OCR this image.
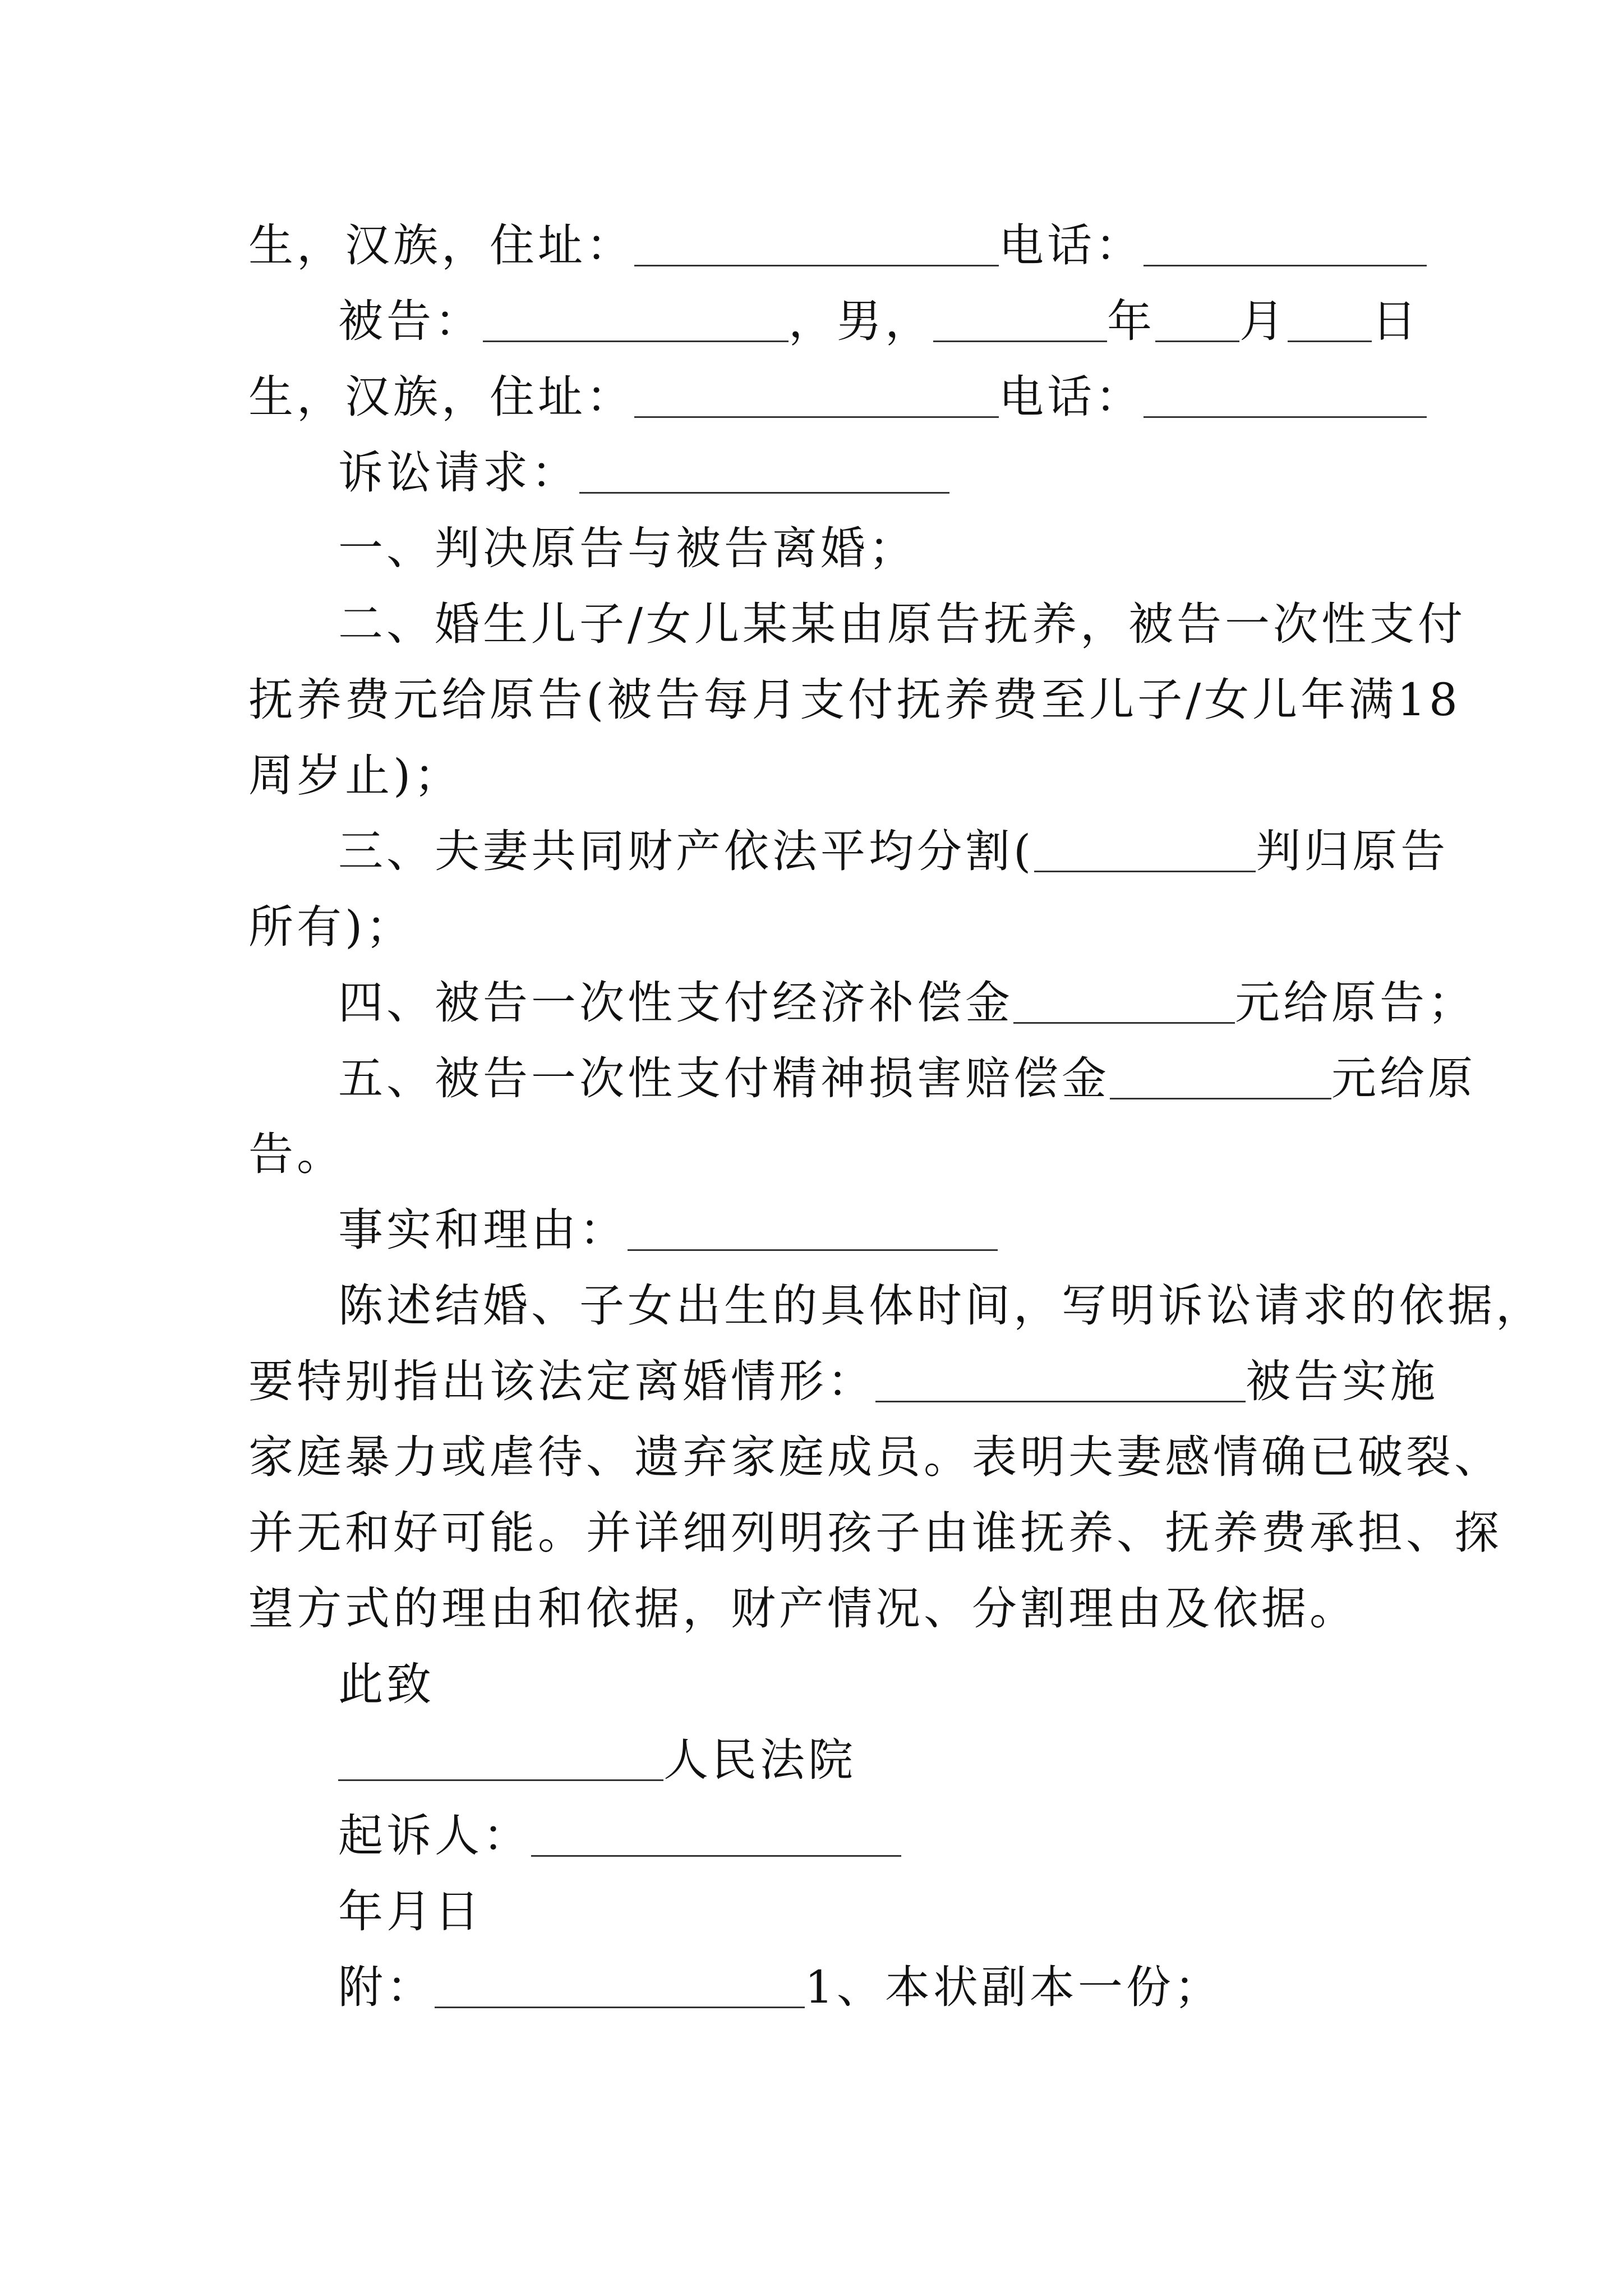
生，汉族，住址：	电话：
被告：	，男，	年 月 日
生，汉族，住址：	电话：
诉讼请求：
一、判决原告与被告离婚；
二、婚生儿子/女儿某某由原告抚养，被告一次性支付
抚养费元给原告(被告每月支付抚养费至儿子/女儿年满18
周岁止)；
三、夫妻共同财产依法平均分割(	判归原告
所有)；
四、被告一次性支付经济补偿金	元给原告；
五、被告一次性支付精神损害赔偿金	元给原
告。
事实和理由：
陈述结婚、子女出生的具体时间，写明诉讼请求的依据，
要特别指出该法定离婚情形：	被告实施
家庭暴力或虐待、遗弃家庭成员。表明夫妻感情确已破裂、
并无和好可能。并详细列明孩子由谁抚养、抚养费承担、探
望方式的理由和依据，财产情况、分割理由及依据。
此致
人民法院
起诉人：
年月日
附：	1、本状副本一份；
